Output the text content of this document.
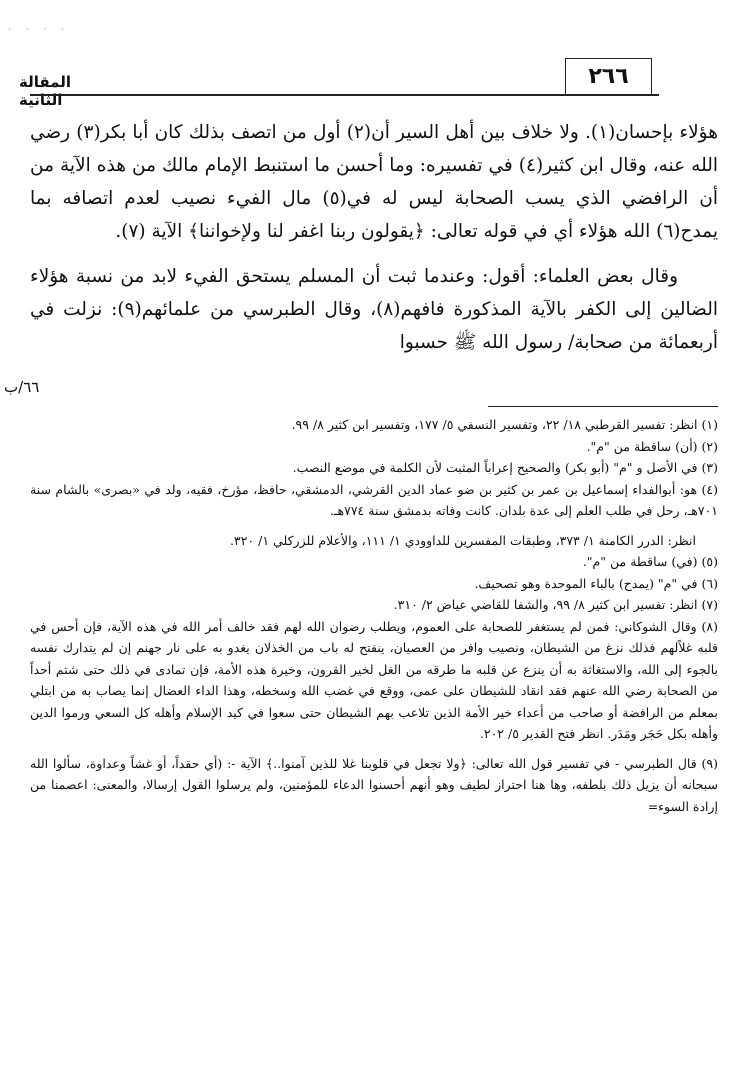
· · · ·
المقالة الثانية
٢٦٦

هؤلاء بإحسان(١). ولا خلاف بين أهل السير أن(٢) أول من اتصف بذلك كان أبا بكر(٣) رضي الله عنه، وقال ابن كثير(٤) في تفسيره: وما أحسن ما استنبط الإمام مالك من هذه الآية من أن الرافضي الذي يسب الصحابة ليس له في(٥) مال الفيء نصيب لعدم اتصافه بما يمدح(٦) الله هؤلاء أي في قوله تعالى: ﴿يقولون ربنا اغفر لنا ولإخواننا﴾ الآية (٧).

وقال بعض العلماء: أقول: وعندما ثبت أن المسلم يستحق الفيء لابد من نسبة هؤلاء الضالين إلى الكفر بالآية المذكورة فافهم(٨)، وقال الطبرسي من علمائهم(٩): نزلت في أربعمائة من صحابة/ رسول الله ﷺ حسبوا

٦٦/ب

(١) انظر: تفسير القرطبي ١٨/ ٢٢، وتفسير النسفي ٥/ ١٧٧، وتفسير ابن كثير ٨/ ٩٩.

(٢) (أن) ساقطة من "م".

(٣) في الأصل و "م" (أبو بكر) والصحيح إعراباً المثبت لأن الكلمة في موضع النصب.

(٤) هو: أبوالفداء إسماعيل بن عمر بن كثير بن ضو عماد الدين القرشي، الدمشقي، حافظ، مؤرخ، فقيه، ولد في «بصرى» بالشام سنة ٧٠١هـ، رحل في طلب العلم إلى عدة بلدان. كانت وفاته بدمشق سنة ٧٧٤هـ.

انظر: الدرر الكامنة ١/ ٣٧٣، وطبقات المفسرين للداوودي ١/ ١١١، والأعلام للزركلي ١/ ٣٢٠.

(٥) (في) ساقطة من "م".

(٦) في "م" (يمدح) بالباء الموحدة وهو تصحيف.

(٧) انظر: تفسير ابن كثير ٨/ ٩٩، والشفا للقاضي عياض ٢/ ٣١٠.

(٨) وقال الشوكاني: فمن لم يستغفر للصحابة على العموم، ويطلب رضوان الله لهم فقد خالف أمر الله في هذه الآية، فإن أحس في قلبه غلاًلهم فذلك نزغ من الشيطان، ونصيب وافر من العصيان، ينفتح له باب من الخذلان يغدو به على نار جهنم إن لم يتدارك نفسه بالجوء إلى الله، والاستغاثة به أن ينزع عن قلبه ما طرقه من الغل لخير القرون، وخيرة هذه الأمة، فإن تمادى في ذلك حتى شتم أحداً من الصحابة رضي الله عنهم فقد انقاد للشيطان على عمى، ووقع في غضب الله وسخطه، وهذا الداء العضال إنما يصاب به من ابتلي بمعلم من الرافضة أو صاحب من أعداء خير الأمة الذين تلاعب بهم الشيطان حتى سعوا في كيد الإسلام وأهله كل السعي ورموا الدين وأهله بكل حَجَر ومَدَر. انظر فتح القدير ٥/ ٢٠٢.

(٩) قال الطبرسي - في تفسير قول الله تعالى: ﴿ولا تجعل في قلوبنا غلا للذين آمنوا..﴾ الآية -: (أي حقداً، أو غشاً وعداوة، سألوا الله سبحانه أن يزيل ذلك بلطفه، وها هنا احتراز لطيف وهو أنهم أحسنوا الدعاء للمؤمنين، ولم يرسلوا القول إرسالا، والمعنى: اعصمنا من إرادة السوء=
